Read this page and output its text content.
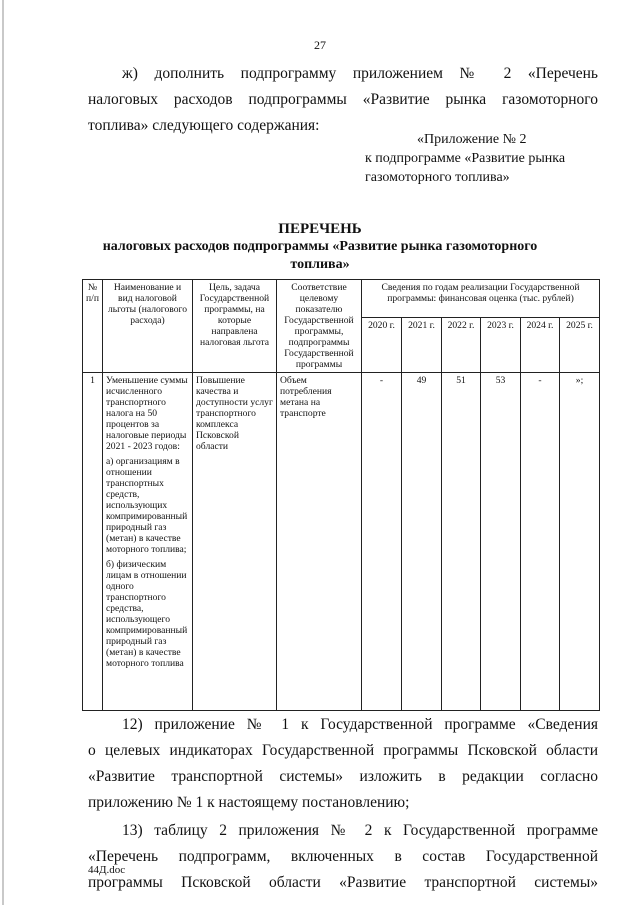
27
ж) дополнить подпрограмму приложением № 2 «Перечень
налоговых расходов подпрограммы «Развитие рынка газомоторного
топлива» следующего содержания:
«Приложение № 2
к подпрограмме «Развитие рынка
газомоторного топлива»
ПЕРЕЧЕНЬ
налоговых расходов подпрограммы «Развитие рынка газомоторного
топлива»
№ п/п	Наименование и вид налоговой льготы (налогового расхода)	Цель, задача Государственной программы, на которые направлена налоговая льгота	Соответствие целевому показателю Государственной программы, подпрограммы Государственной программы	Сведения по годам реализации Государственной программы: финансовая оценка (тыс. рублей)					
				2020 г.	2021 г.	2022 г.	2023 г.	2024 г.	2025 г.
1	Уменьшение суммы исчисленного транспортного налога на 50 процентов за налоговые периоды 2021 - 2023 годов:

а) организациям в отношении транспортных средств, использующих компримированный природный газ (метан) в качестве моторного топлива;

б) физическим лицам в отношении одного транспортного средства, использующего компримированный природный газ (метан) в качестве моторного топлива	Повышение качества и доступности услуг транспортного комплекса Псковской области	Объем потребления метана на транспорте	-	49	51	53	-	»;
12) приложение № 1 к Государственной программе «Сведения
о целевых индикаторах Государственной программы Псковской области
«Развитие транспортной системы» изложить в редакции согласно
приложению № 1 к настоящему постановлению;
13) таблицу 2 приложения № 2 к Государственной программе
«Перечень подпрограмм, включенных в состав Государственной
программы Псковской области «Развитие транспортной системы»
44Д.doc
